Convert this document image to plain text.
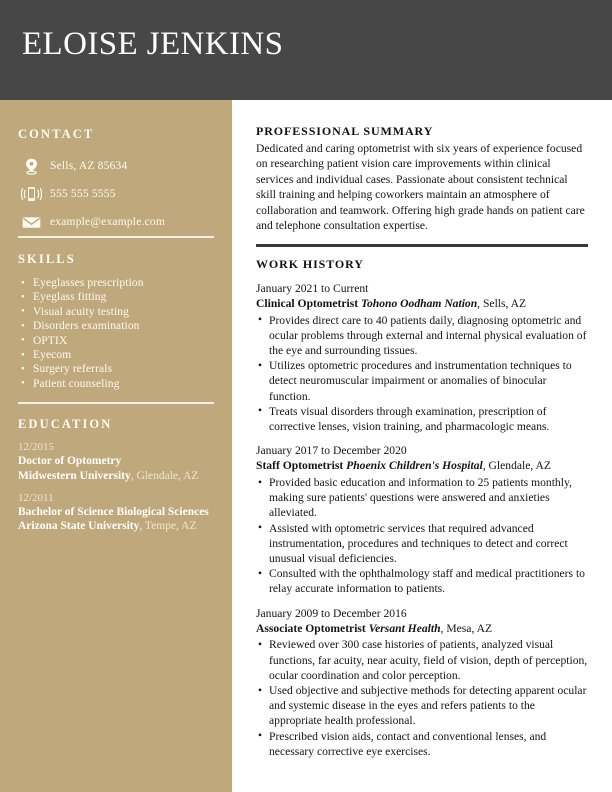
ELOISE JENKINS
CONTACT
Sells, AZ 85634
555 555 5555
example@example.com
SKILLS
• Eyeglasses prescription
• Eyeglass fitting
• Visual acuity testing
• Disorders examination
• OPTIX
• Eyecom
• Surgery referrals
• Patient counseling
EDUCATION
12/2015
Doctor of Optometry
Midwestern University, Glendale, AZ
12/2011
Bachelor of Science Biological Sciences
Arizona State University, Tempe, AZ
PROFESSIONAL SUMMARY
Dedicated and caring optometrist with six years of experience focused on researching patient vision care improvements within clinical services and individual cases. Passionate about consistent technical skill training and helping coworkers maintain an atmosphere of collaboration and teamwork. Offering high grade hands on patient care and telephone consultation expertise.
WORK HISTORY
January 2021 to Current
Clinical Optometrist Tohono Oodham Nation, Sells, AZ
• Provides direct care to 40 patients daily, diagnosing optometric and ocular problems through external and internal physical evaluation of the eye and surrounding tissues.
• Utilizes optometric procedures and instrumentation techniques to detect neuromuscular impairment or anomalies of binocular function.
• Treats visual disorders through examination, prescription of corrective lenses, vision training, and pharmacologic means.
January 2017 to December 2020
Staff Optometrist Phoenix Children's Hospital, Glendale, AZ
• Provided basic education and information to 25 patients monthly, making sure patients' questions were answered and anxieties alleviated.
• Assisted with optometric services that required advanced instrumentation, procedures and techniques to detect and correct unusual visual deficiencies.
• Consulted with the ophthalmology staff and medical practitioners to relay accurate information to patients.
January 2009 to December 2016
Associate Optometrist Versant Health, Mesa, AZ
• Reviewed over 300 case histories of patients, analyzed visual functions, far acuity, near acuity, field of vision, depth of perception, ocular coordination and color perception.
• Used objective and subjective methods for detecting apparent ocular and systemic disease in the eyes and refers patients to the appropriate health professional.
• Prescribed vision aids, contact and conventional lenses, and necessary corrective eye exercises.
